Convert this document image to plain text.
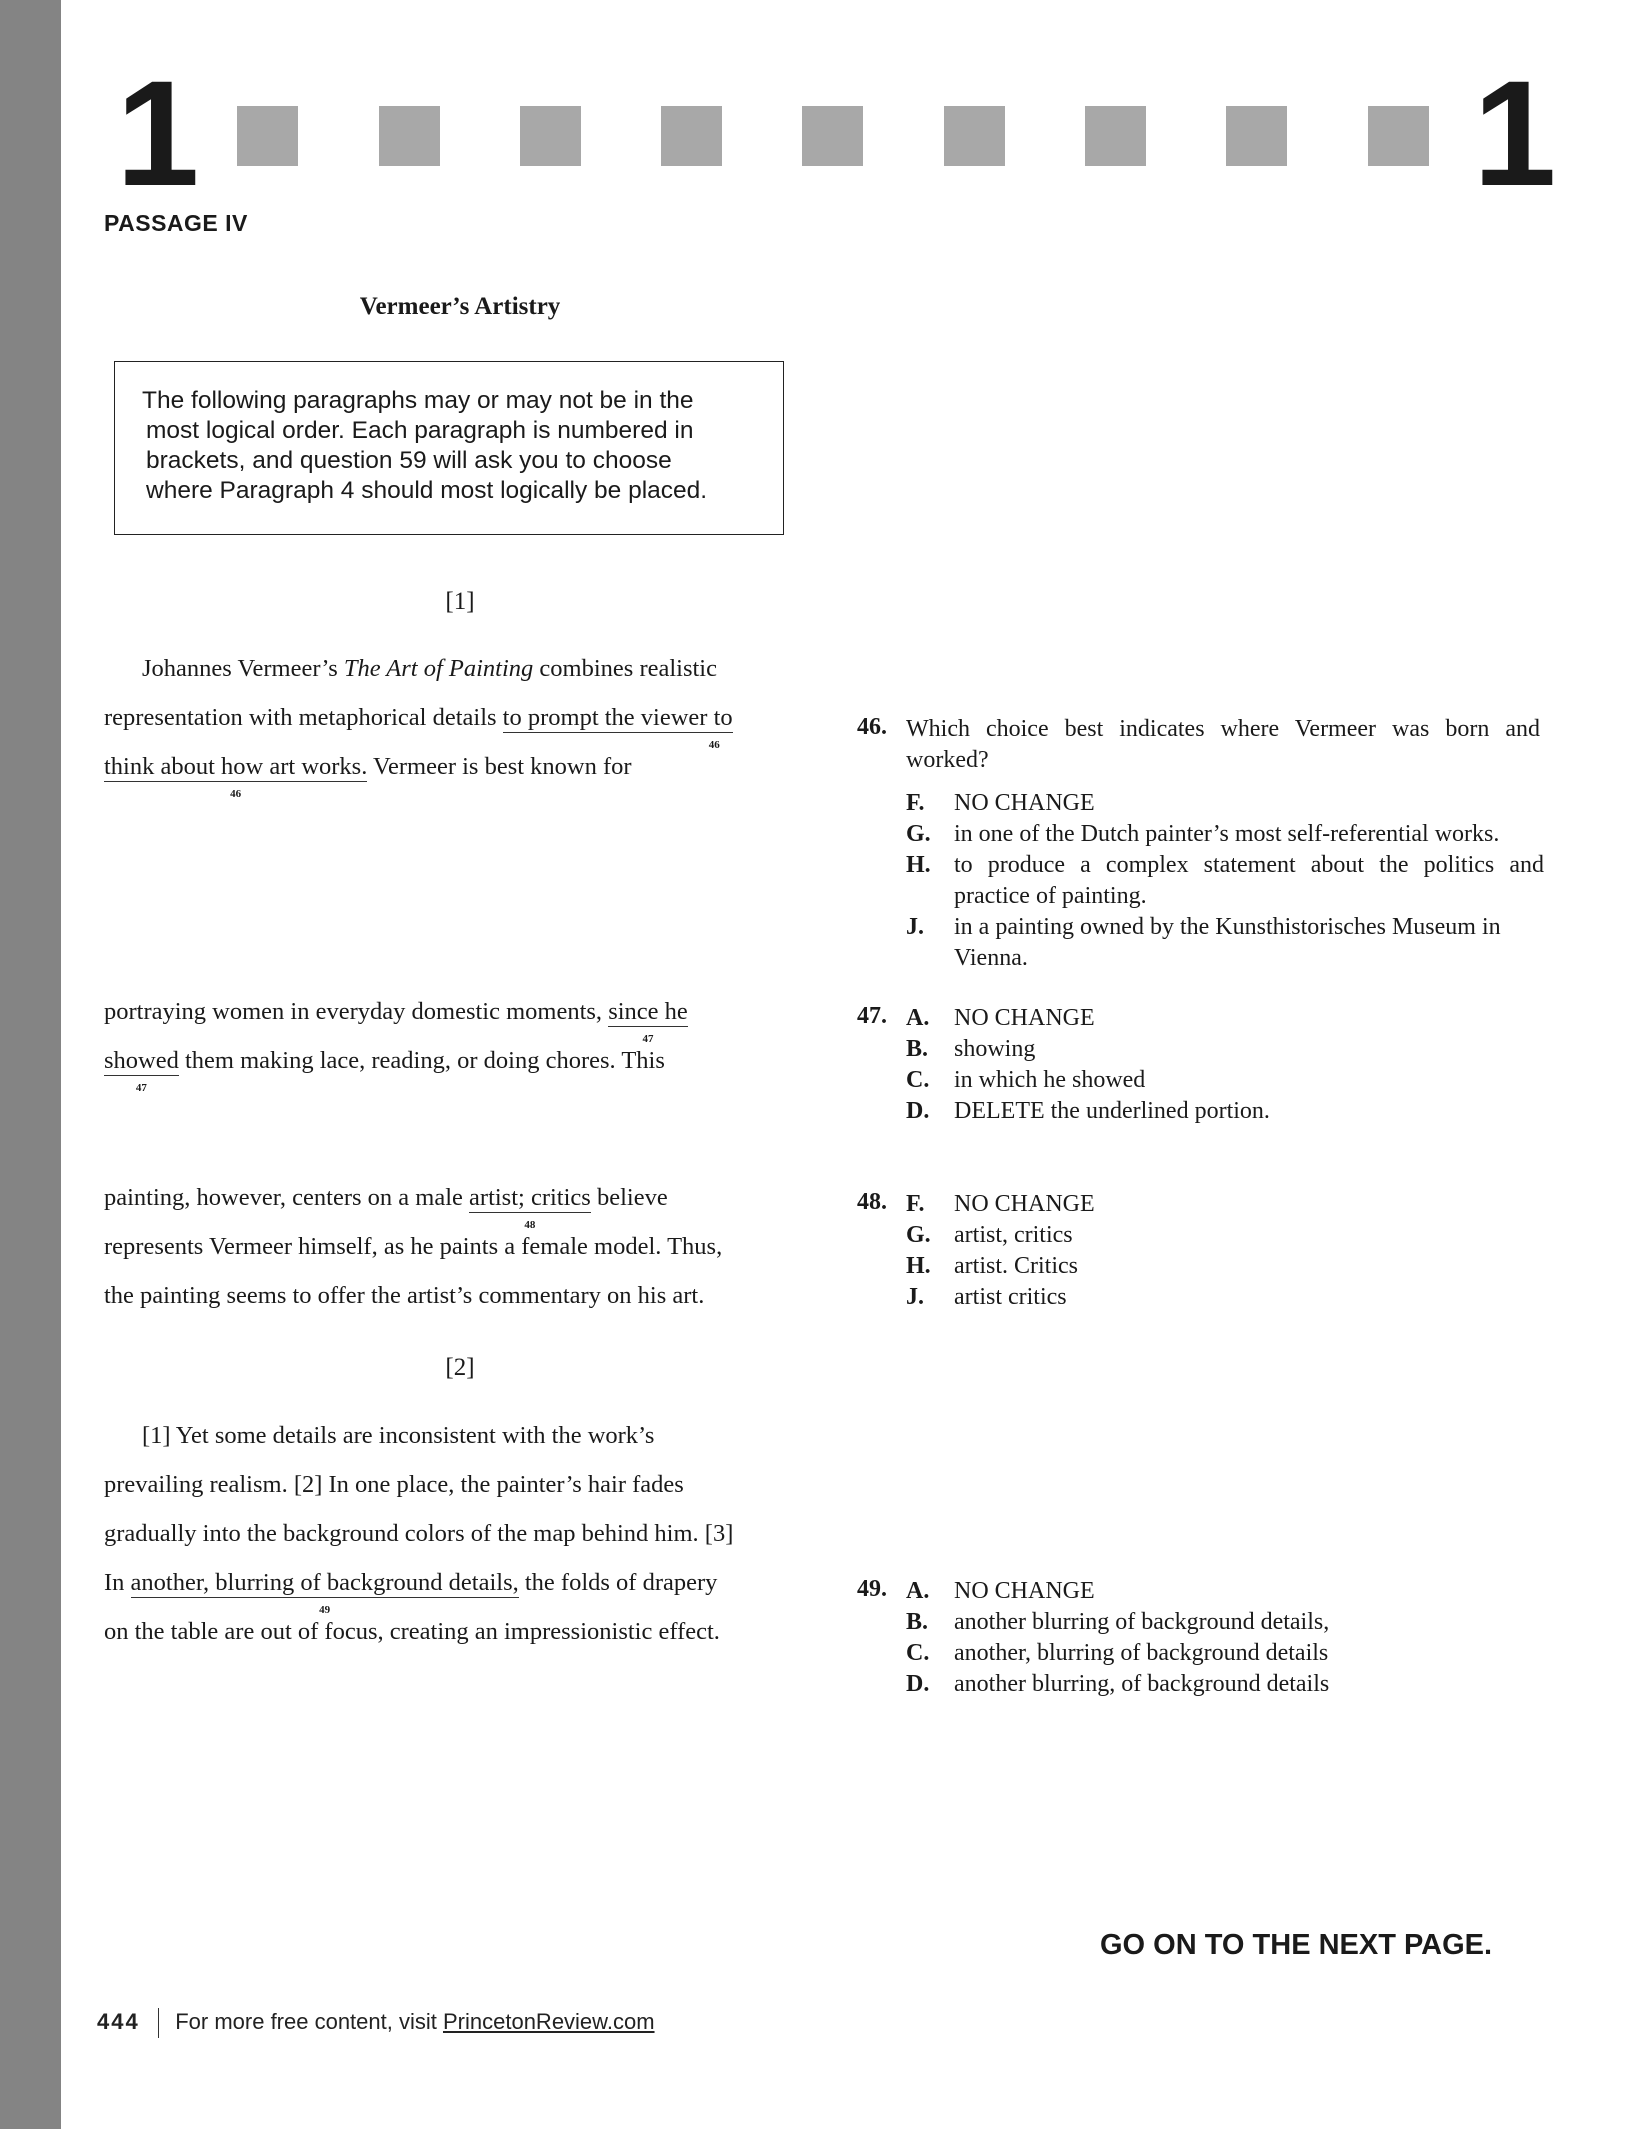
1	1
PASSAGE IV
Vermeer’s Artistry
The following paragraphs may or may not be in the
most logical order. Each paragraph is numbered in
brackets, and question 59 will ask you to choose
where Paragraph 4 should most logically be placed.
[1]
Johannes Vermeer’s The Art of Painting combines realistic
representation with metaphorical details to prompt the viewer to
46
think about how art works.
46
Vermeer is best known for
portraying women in everyday domestic moments, since he
47
showed
47
them making lace, reading, or doing chores. This
painting, however, centers on a male artist; critics
48
believe
represents Vermeer himself, as he paints a female model. Thus,
the painting seems to offer the artist’s commentary on his art.
[2]
[1] Yet some details are inconsistent with the work’s
prevailing realism. [2] In one place, the painter’s hair fades
gradually into the background colors of the map behind him. [3]
In another, blurring of background details,
49
the folds of drapery
on the table are out of focus, creating an impressionistic effect.
46. Which choice best indicates where Vermeer was born and worked?
F. NO CHANGE
G. in one of the Dutch painter’s most self-referential works.
H. to produce a complex statement about the politics and practice of painting.
J. in a painting owned by the Kunsthistorisches Museum in Vienna.
47. A. NO CHANGE
B. showing
C. in which he showed
D. DELETE the underlined portion.
48. F. NO CHANGE
G. artist, critics
H. artist. Critics
J. artist critics
49. A. NO CHANGE
B. another blurring of background details,
C. another, blurring of background details
D. another blurring, of background details
GO ON TO THE NEXT PAGE.
444 For more free content, visit PrincetonReview.com
